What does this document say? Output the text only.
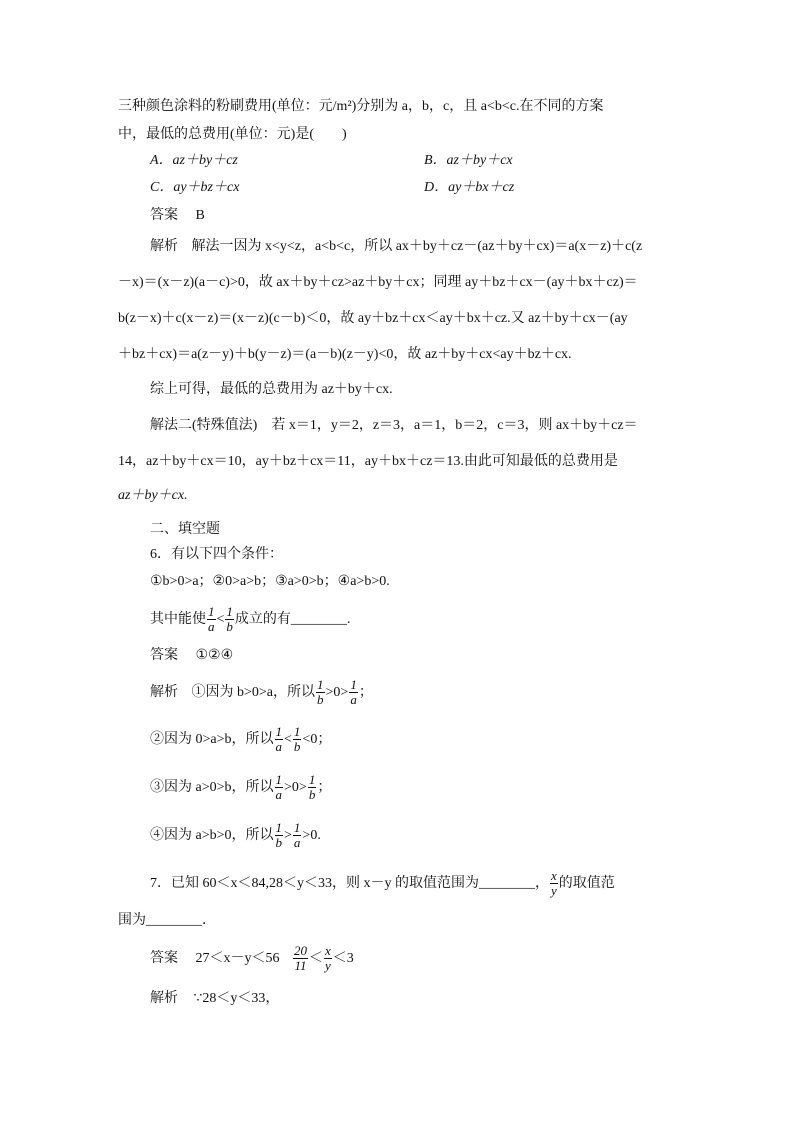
三种颜色涂料的粉刷费用(单位：元/m²)分别为 a，b，c，且 a<b<c.在不同的方案
中，最低的总费用(单位：元)是(　　)
A．az＋by＋cz	B．az＋by＋cx
C．ay＋bz＋cx	D．ay＋bx＋cz
答案 B
解析 解法一因为 x<y<z，a<b<c，所以 ax＋by＋cz－(az＋by＋cx)＝a(x－z)＋c(z
－x)＝(x－z)(a－c)>0，故 ax＋by＋cz>az＋by＋cx；同理 ay＋bz＋cx－(ay＋bx＋cz)＝
b(z－x)＋c(x－z)＝(x－z)(c－b)＜0，故 ay＋bz＋cx＜ay＋bx＋cz.又 az＋by＋cx－(ay
＋bz＋cx)＝a(z－y)＋b(y－z)＝(a－b)(z－y)<0，故 az＋by＋cx<ay＋bz＋cx.
综上可得，最低的总费用为 az＋by＋cx.
解法二(特殊值法)　若 x＝1，y＝2，z＝3，a＝1，b＝2，c＝3，则 ax＋by＋cz＝
14，az＋by＋cx＝10，ay＋bz＋cx＝11，ay＋bx＋cz＝13.由此可知最低的总费用是
az＋by＋cx.
二、填空题
6．有以下四个条件：
①b>0>a；②0>a>b；③a>0>b；④a>b>0.
其中能使 $\frac{1}{a} < \frac{1}{b}$ 成立的有________.
答案 ①②④
解析 ①因为 b>0>a，所以 $\frac{1}{b} >0> \frac{1}{a}$ ；
②因为 0>a>b，所以 $\frac{1}{a} < \frac{1}{b} <0$；
③因为 a>0>b，所以 $\frac{1}{a} >0> \frac{1}{b}$ ；
④因为 a>b>0，所以 $\frac{1}{b} > \frac{1}{a} >0$.
7．已知 60＜x＜84,28＜y＜33，则 x－y 的取值范围为________， $\frac{x}{y}$ 的取值范
围为________．
答案 $27<x-y<56 \frac{20}{11} < \frac{x}{y} <3$
解析 ∵28＜y＜33，
